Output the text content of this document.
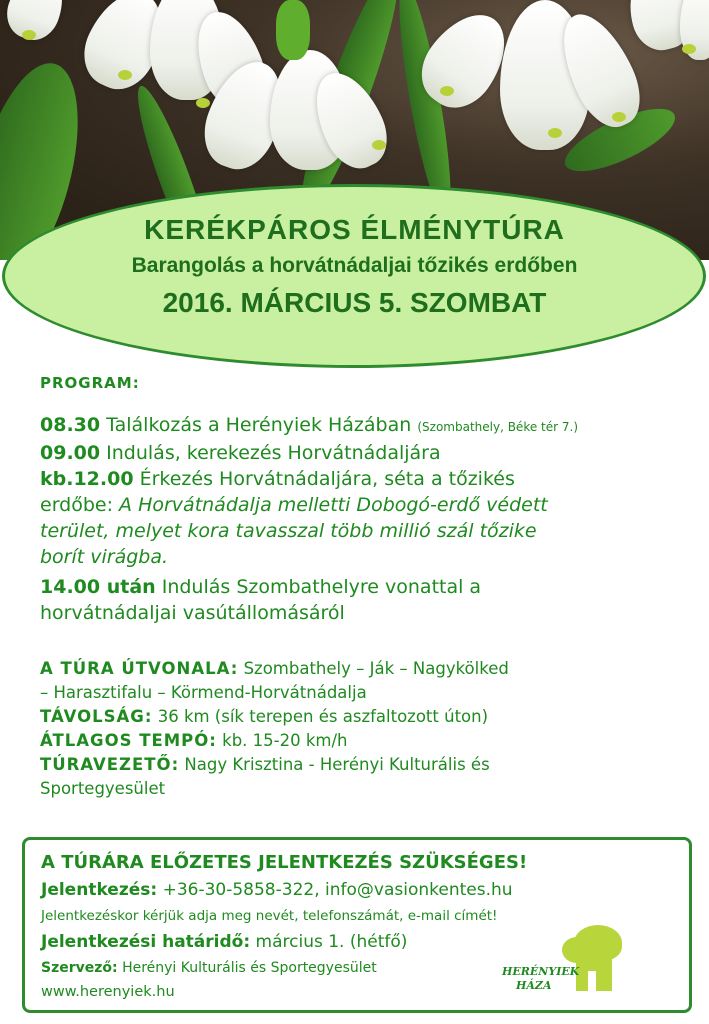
KERÉKPÁROS ÉLMÉNYTÚRA
Barangolás a horvátnádaljai tőzikés erdőben
2016. MÁRCIUS 5. SZOMBAT
PROGRAM:
08.30 Találkozás a Herényiek Házában (Szombathely, Béke tér 7.)
09.00 Indulás, kerekezés Horvátnádaljára
kb.12.00 Érkezés Horvátnádaljára, séta a tőzikés
erdőbe: A Horvátnádalja melletti Dobogó-erdő védett
terület, melyet kora tavasszal több millió szál tőzike
borít virágba.
14.00 után Indulás Szombathelyre vonattal a
horvátnádaljai vasútállomásáról
A TÚRA ÚTVONALA: Szombathely – Ják – Nagykölked
– Harasztifalu – Körmend-Horvátnádalja
TÁVOLSÁG: 36 km (sík terepen és aszfaltozott úton)
ÁTLAGOS TEMPÓ: kb. 15-20 km/h
TÚRAVEZETŐ: Nagy Krisztina - Herényi Kulturális és
Sportegyesület
A TÚRÁRA ELŐZETES JELENTKEZÉS SZÜKSÉGES!
Jelentkezés: +36-30-5858-322, info@vasionkentes.hu
Jelentkezéskor kérjük adja meg nevét, telefonszámát, e-mail címét!
Jelentkezési határidő: március 1. (hétfő)
Szervező: Herényi Kulturális és Sportegyesület
www.herenyiek.hu
HERÉNYIEK
HÁZA
